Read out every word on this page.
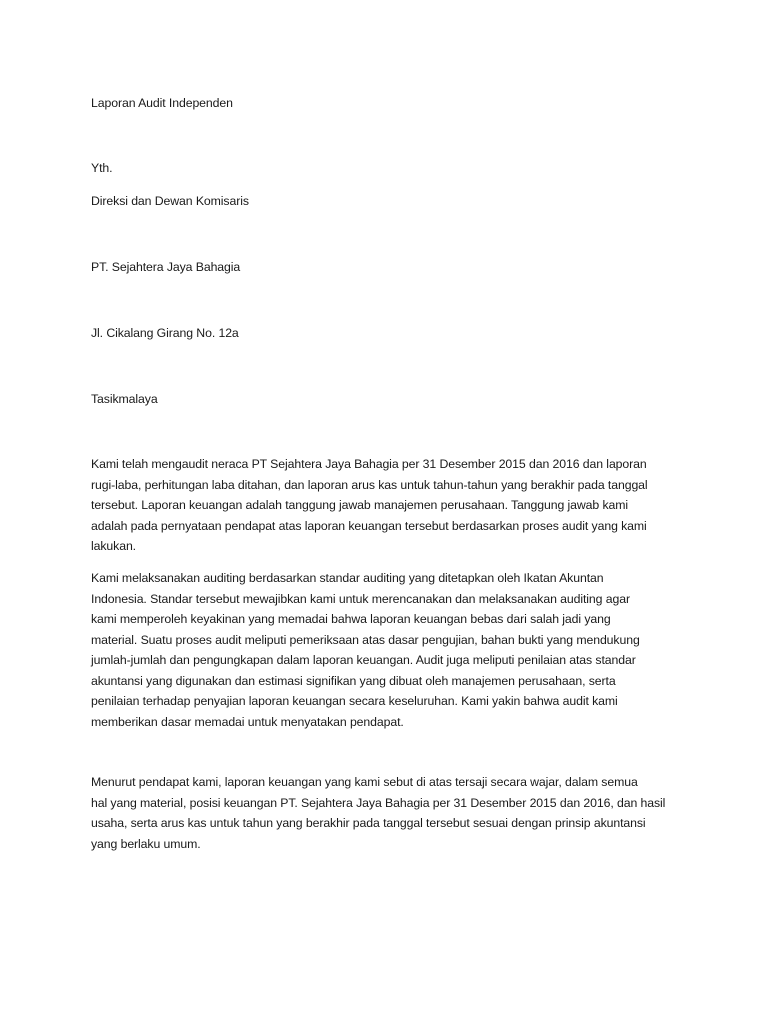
Laporan Audit Independen
Yth.
Direksi dan Dewan Komisaris
PT. Sejahtera Jaya Bahagia
Jl. Cikalang Girang No. 12a
Tasikmalaya
Kami telah mengaudit neraca PT Sejahtera Jaya Bahagia per 31 Desember 2015 dan 2016 dan laporan
rugi-laba, perhitungan laba ditahan, dan laporan arus kas untuk tahun-tahun yang berakhir pada tanggal
tersebut. Laporan keuangan adalah tanggung jawab manajemen perusahaan. Tanggung jawab kami
adalah pada pernyataan pendapat atas laporan keuangan tersebut berdasarkan proses audit yang kami
lakukan.
Kami melaksanakan auditing berdasarkan standar auditing yang ditetapkan oleh Ikatan Akuntan
Indonesia. Standar tersebut mewajibkan kami untuk merencanakan dan melaksanakan auditing agar
kami memperoleh keyakinan yang memadai bahwa laporan keuangan bebas dari salah jadi yang
material. Suatu proses audit meliputi pemeriksaan atas dasar pengujian, bahan bukti yang mendukung
jumlah-jumlah dan pengungkapan dalam laporan keuangan. Audit juga meliputi penilaian atas standar
akuntansi yang digunakan dan estimasi signifikan yang dibuat oleh manajemen perusahaan, serta
penilaian terhadap penyajian laporan keuangan secara keseluruhan. Kami yakin bahwa audit kami
memberikan dasar memadai untuk menyatakan pendapat.
Menurut pendapat kami, laporan keuangan yang kami sebut di atas tersaji secara wajar, dalam semua
hal yang material, posisi keuangan PT. Sejahtera Jaya Bahagia per 31 Desember 2015 dan 2016, dan hasil
usaha, serta arus kas untuk tahun yang berakhir pada tanggal tersebut sesuai dengan prinsip akuntansi
yang berlaku umum.
